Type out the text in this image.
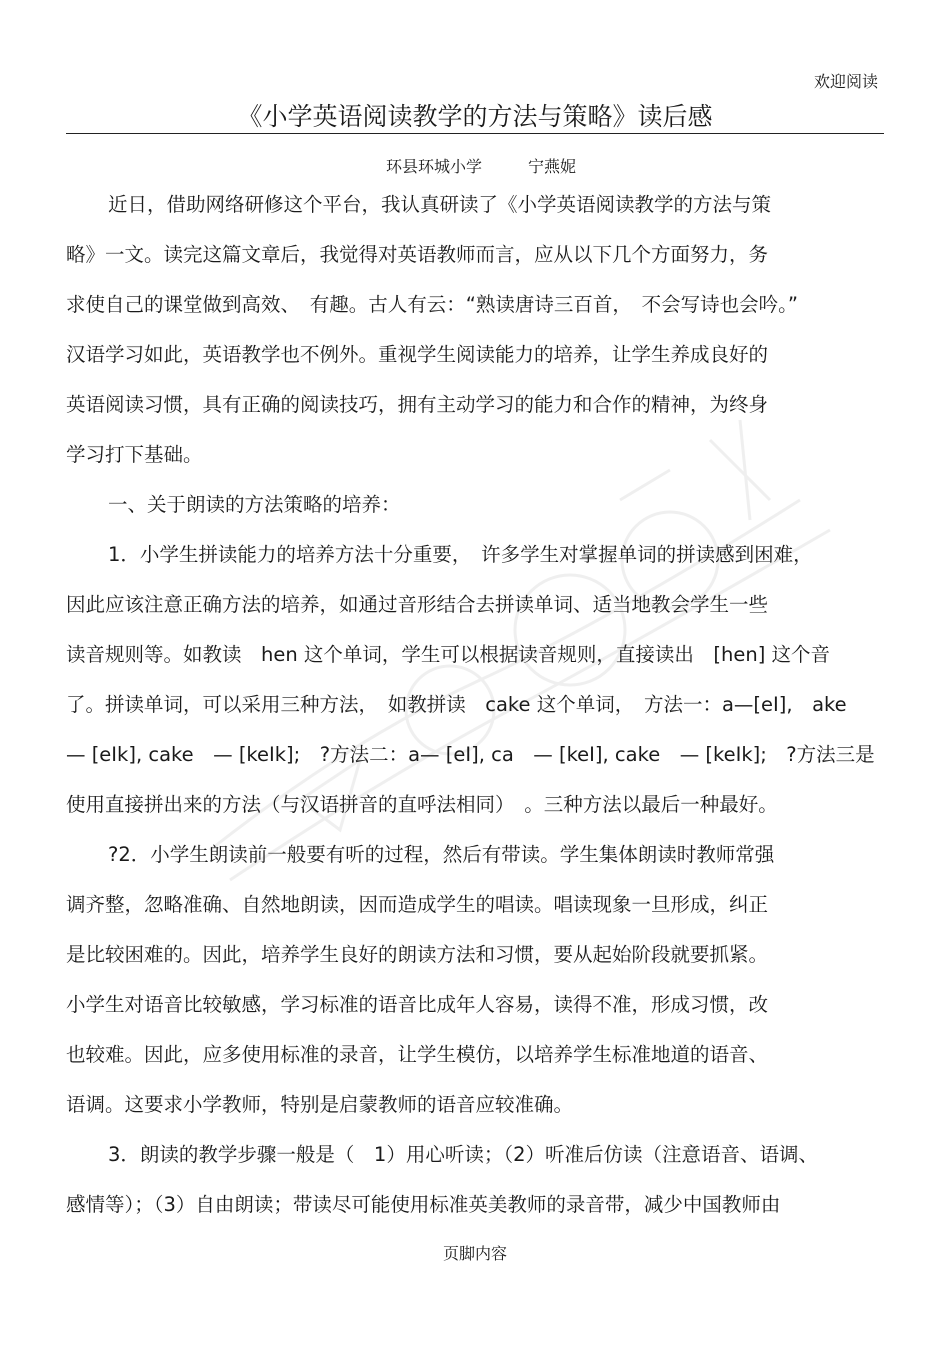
欢迎阅读
《小学英语阅读教学的方法与策略》读后感
环县环城小学	宁燕妮
近日，借助网络研修这个平台，我认真研读了《小学英语阅读教学的方法与策
略》一文。读完这篇文章后，我觉得对英语教师而言，应从以下几个方面努力，务
求使自己的课堂做到高效、　有趣。古人有云：“熟读唐诗三百首，　不会写诗也会吟。”
汉语学习如此，英语教学也不例外。重视学生阅读能力的培养，让学生养成良好的
英语阅读习惯，具有正确的阅读技巧，拥有主动学习的能力和合作的精神，为终身
学习打下基础。
一、关于朗读的方法策略的培养：
1．小学生拼读能力的培养方法十分重要，　许多学生对掌握单词的拼读感到困难，
因此应该注意正确方法的培养，如通过音形结合去拼读单词、适当地教会学生一些
读音规则等。如教读　hen 这个单词，学生可以根据读音规则，直接读出　[hen] 这个音
了。拼读单词，可以采用三种方法，　如教拼读　cake 这个单词，　方法一：a—[eI],　ake
— [eIk], cake　— [keIk];　?方法二：a— [eI], ca　— [keI], cake　— [keIk];　?方法三是
使用直接拼出来的方法（与汉语拼音的直呼法相同）　。三种方法以最后一种最好。
?2．小学生朗读前一般要有听的过程，然后有带读。学生集体朗读时教师常强
调齐整，忽略准确、自然地朗读，因而造成学生的唱读。唱读现象一旦形成，纠正
是比较困难的。因此，培养学生良好的朗读方法和习惯，要从起始阶段就要抓紧。
小学生对语音比较敏感，学习标准的语音比成年人容易，读得不准，形成习惯，改
也较难。因此，应多使用标准的录音，让学生模仿，以培养学生标准地道的语音、
语调。这要求小学教师，特别是启蒙教师的语音应较准确。
3．朗读的教学步骤一般是（　1）用心听读；（2）听准后仿读（注意语音、语调、
感情等）；（3）自由朗读；带读尽可能使用标准英美教师的录音带，减少中国教师由
页脚内容
